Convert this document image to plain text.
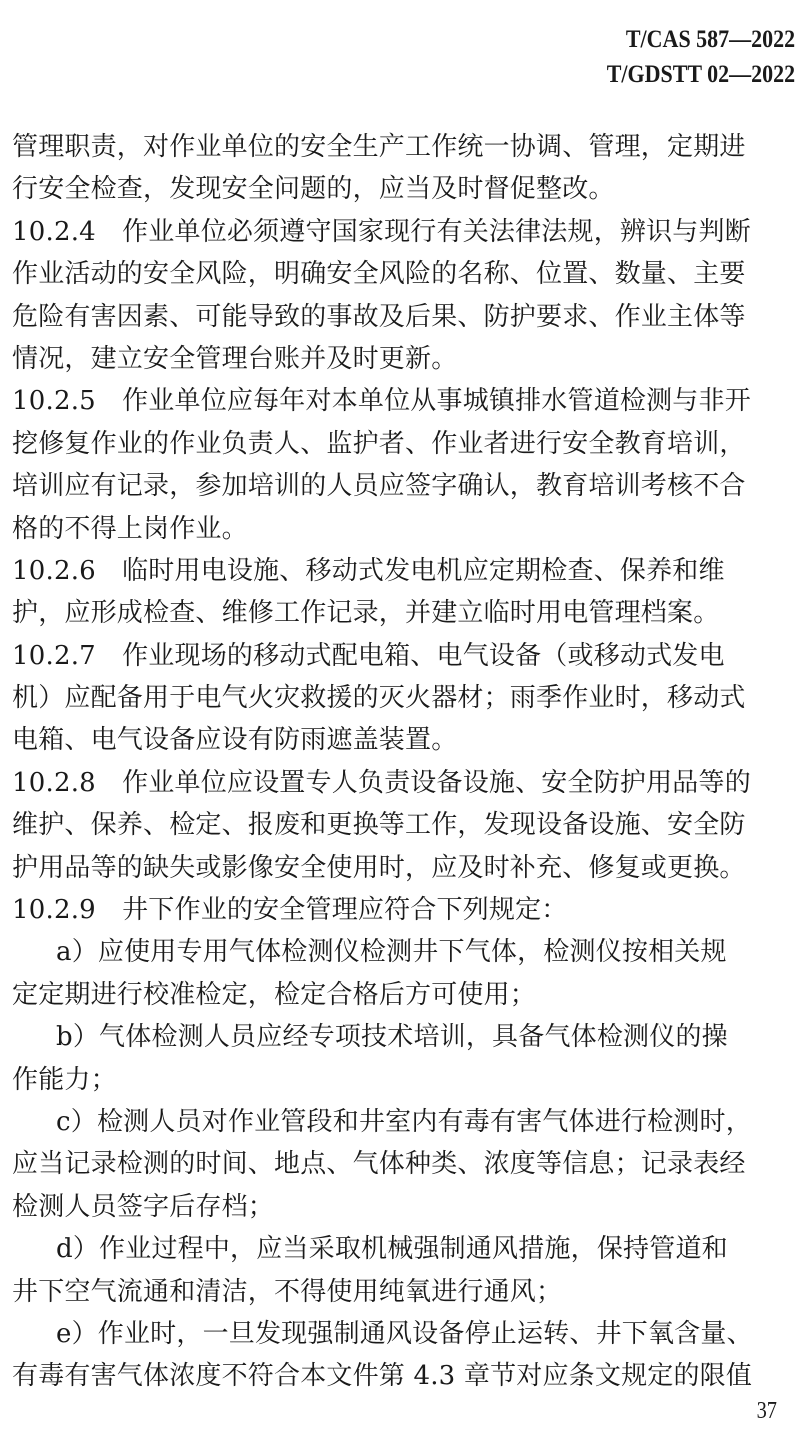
T/CAS 587—2022
T/GDSTT 02—2022
管理职责，对作业单位的安全生产工作统一协调、管理，定期进
行安全检查，发现安全问题的，应当及时督促整改。
10.2.4　作业单位必须遵守国家现行有关法律法规，辨识与判断
作业活动的安全风险，明确安全风险的名称、位置、数量、主要
危险有害因素、可能导致的事故及后果、防护要求、作业主体等
情况，建立安全管理台账并及时更新。
10.2.5　作业单位应每年对本单位从事城镇排水管道检测与非开
挖修复作业的作业负责人、监护者、作业者进行安全教育培训，
培训应有记录，参加培训的人员应签字确认，教育培训考核不合
格的不得上岗作业。
10.2.6　临时用电设施、移动式发电机应定期检查、保养和维
护，应形成检查、维修工作记录，并建立临时用电管理档案。
10.2.7　作业现场的移动式配电箱、电气设备（或移动式发电
机）应配备用于电气火灾救援的灭火器材；雨季作业时，移动式
电箱、电气设备应设有防雨遮盖装置。
10.2.8　作业单位应设置专人负责设备设施、安全防护用品等的
维护、保养、检定、报废和更换等工作，发现设备设施、安全防
护用品等的缺失或影像安全使用时，应及时补充、修复或更换。
10.2.9　井下作业的安全管理应符合下列规定：
a）应使用专用气体检测仪检测井下气体，检测仪按相关规
定定期进行校准检定，检定合格后方可使用；
b）气体检测人员应经专项技术培训，具备气体检测仪的操
作能力；
c）检测人员对作业管段和井室内有毒有害气体进行检测时，
应当记录检测的时间、地点、气体种类、浓度等信息；记录表经
检测人员签字后存档；
d）作业过程中，应当采取机械强制通风措施，保持管道和
井下空气流通和清洁，不得使用纯氧进行通风；
e）作业时，一旦发现强制通风设备停止运转、井下氧含量、
有毒有害气体浓度不符合本文件第 4.3 章节对应条文规定的限值
37
